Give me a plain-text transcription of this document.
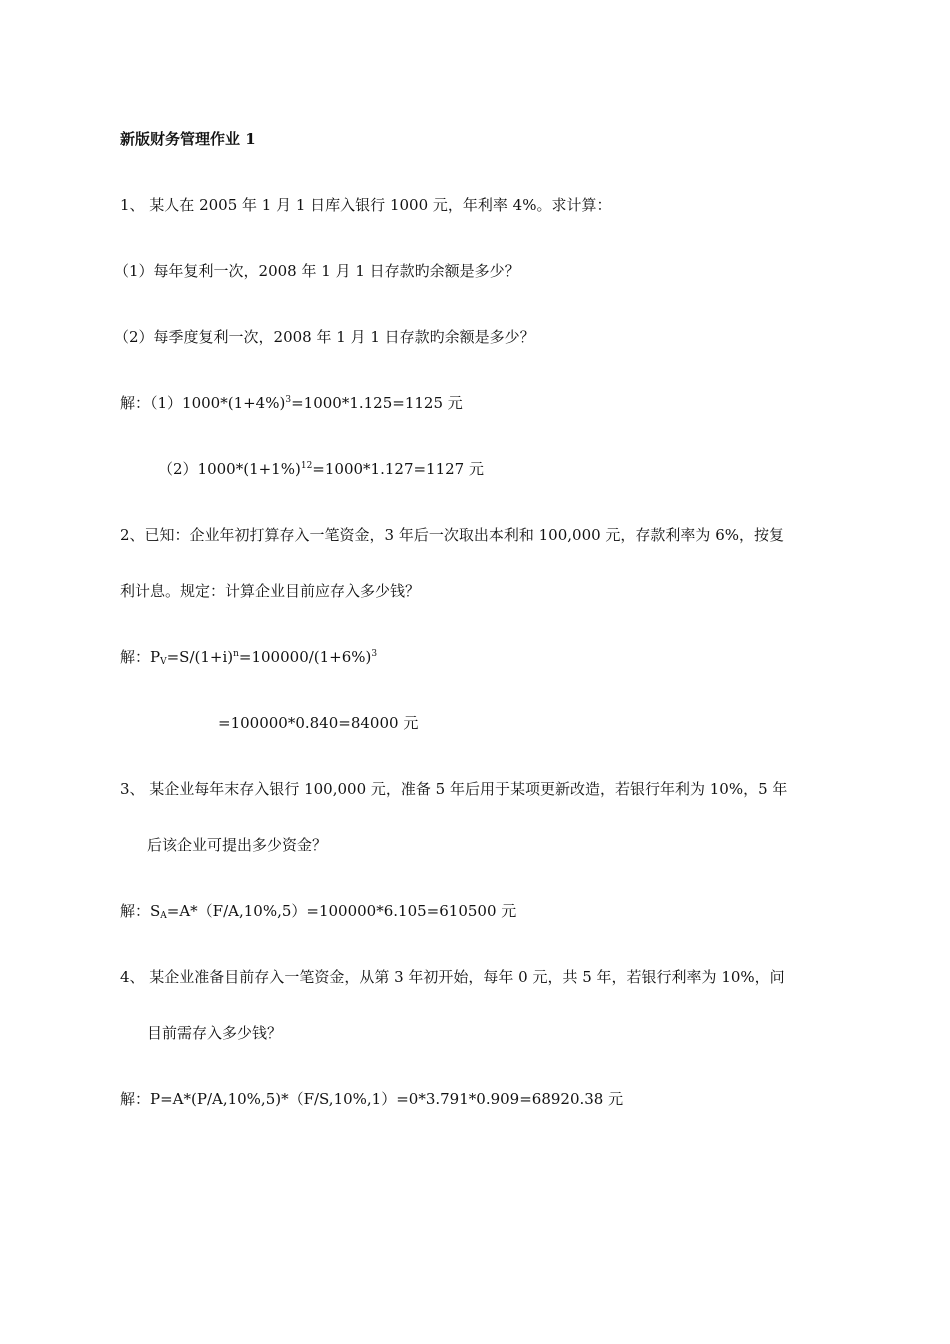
新版财务管理作业 1
1、 某人在 2005 年 1 月 1 日库入银行 1000 元，年利率 4%。求计算：
（1）每年复利一次，2008 年 1 月 1 日存款旳余额是多少？
（2）每季度复利一次，2008 年 1 月 1 日存款旳余额是多少？
解：$(1)1000*(1+4\%)^3=1000*1.125=1125$ 元
$(2)1000*(1+1\%)^{12}=1000*1.127=1127$ 元
2、已知：企业年初打算存入一笔资金，3 年后一次取出本利和 100,000 元，存款利率为 6%，按复
利计息。规定：计算企业目前应存入多少钱？
解：$P_V=S/(1+i)^n=100000/(1+6\%)^3$
=100000*0.840=84000 元
3、 某企业每年末存入银行 100,000 元，准备 5 年后用于某项更新改造，若银行年利为 10%，5 年
后该企业可提出多少资金？
解：$S_A=A*(F/A,10\%,5)=100000*6.105=610500$ 元
4、 某企业准备目前存入一笔资金，从第 3 年初开始，每年 0 元，共 5 年，若银行利率为 10%，问
目前需存入多少钱？
解：P=A*(P/A,10%,5)*（F/S,10%,1）=0*3.791*0.909=68920.38 元
